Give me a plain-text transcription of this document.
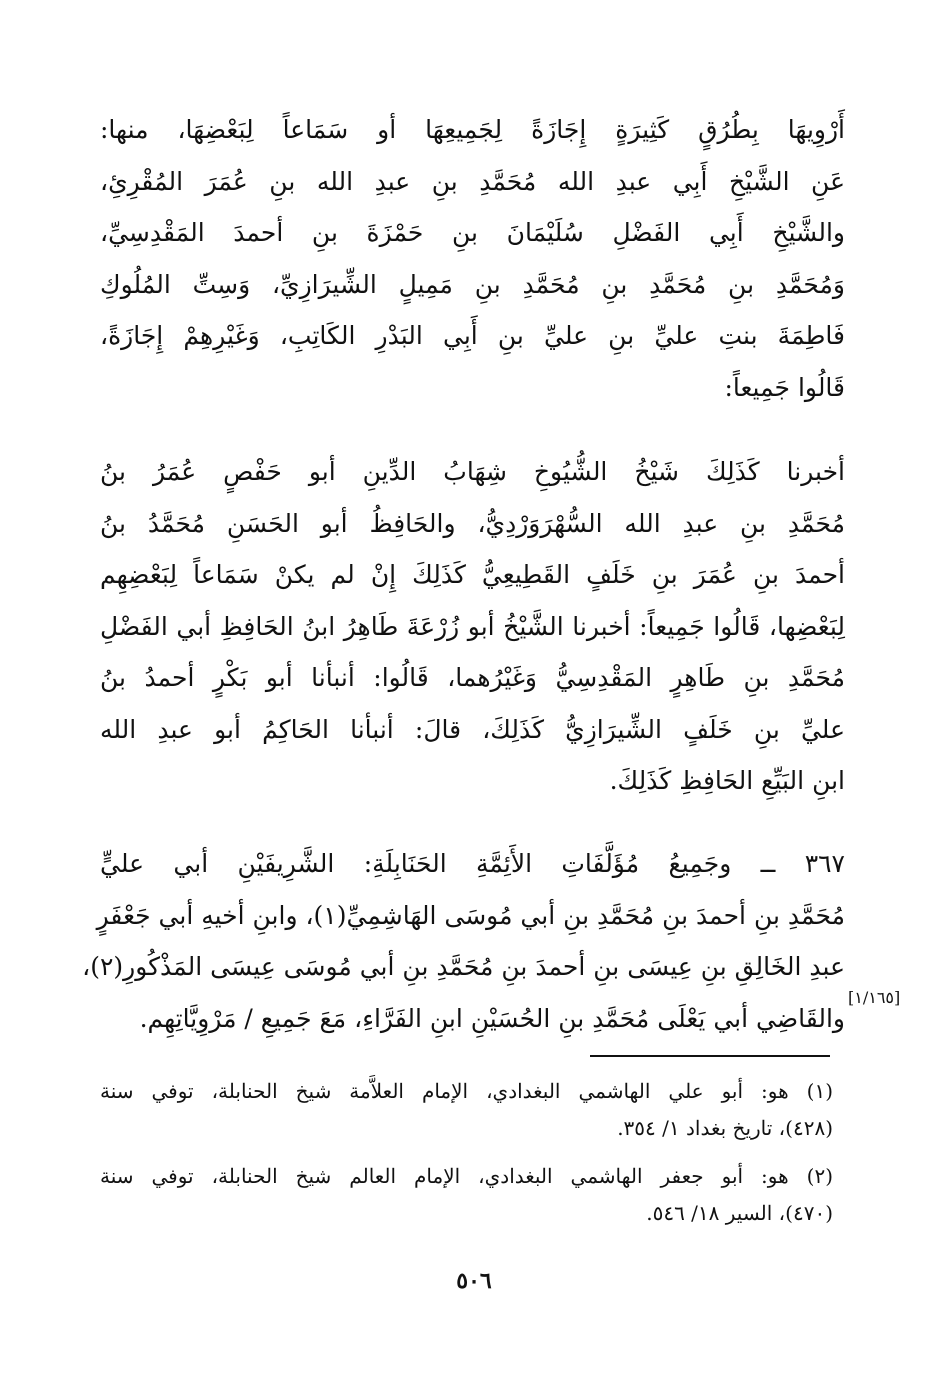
أَرْوِيهَا بِطُرُقٍ كَثِيرَةٍ إِجَازَةً لِجَمِيعِهَا أو سَمَاعاً لِبَعْضِهَا، منها:
عَنِ الشَّيْخِ أَبِي عبدِ الله مُحَمَّدِ بنِ عبدِ الله بنِ عُمَرَ المُقْرِئِ،
والشَّيْخِ أَبِي الفَضْلِ سُلَيْمَانَ بنِ حَمْزَةَ بنِ أحمدَ المَقْدِسِيِّ،
وَمُحَمَّدِ بنِ مُحَمَّدِ بنِ مُحَمَّدِ بنِ مَمِيلٍ الشِّيرَازِيِّ، وَسِتِّ المُلُوكِ
فَاطِمَةَ بنتِ عليِّ بنِ عليِّ بنِ أَبِي البَدْرِ الكَاتِبِ، وَغَيْرِهِمْ إِجَازَةً،
قَالُوا جَمِيعاً:
أخبرنا كَذَلِكَ شَيْخُ الشُّيُوخِ شِهَابُ الدِّينِ أبو حَفْصٍ عُمَرُ بنُ
مُحَمَّدِ بنِ عبدِ الله السُّهْرَوَرْدِيُّ، والحَافِظُ أبو الحَسَنِ مُحَمَّدُ بنُ
أحمدَ بنِ عُمَرَ بنِ خَلَفٍ القَطِيعِيُّ كَذَلِكَ إِنْ لم يكنْ سَمَاعاً لِبَعْضِهِم
لِبَعْضِها، قَالُوا جَمِيعاً: أخبرنا الشَّيْخُ أبو زُرْعَةَ طَاهِرُ ابنُ الحَافِظِ أبي الفَضْلِ
مُحَمَّدِ بنِ طَاهِرٍ المَقْدِسِيُّ وَغَيْرُهما، قَالُوا: أنبأنا أبو بَكْرٍ أحمدُ بنُ
عليِّ بنِ خَلَفٍ الشِّيرَازِيُّ كَذَلِكَ، قالَ: أنبأنا الحَاكِمُ أبو عبدِ الله
ابنِ البَيِّعِ الحَافِظِ كَذَلِكَ.
٣٦٧ ــ وجَمِيعُ مُؤَلَّفَاتِ الأَئِمَّةِ الحَنَابِلَةِ: الشَّرِيفَيْنِ أبي عليٍّ
مُحَمَّدِ بنِ أحمدَ بنِ مُحَمَّدِ بنِ أبي مُوسَى الهَاشِمِيِّ(١)، وابنِ أخيهِ أبي جَعْفَرٍ
عبدِ الخَالِقِ بنِ عِيسَى بنِ أحمدَ بنِ مُحَمَّدِ بنِ أبي مُوسَى عِيسَى المَذْكُورِ(٢)،
والقَاضِي أبي يَعْلَى مُحَمَّدِ بنِ الحُسَيْنِ ابنِ الفَرَّاءِ، مَعَ جَمِيعِ / مَرْوِيَّاتِهِم.
[١/١٦٥]
(١) هو: أبو علي الهاشمي البغدادي، الإمام العلاَّمة شيخ الحنابلة، توفي سنة
(٤٢٨)، تاريخ بغداد ١/ ٣٥٤.
(٢) هو: أبو جعفر الهاشمي البغدادي، الإمام العالم شيخ الحنابلة، توفي سنة
(٤٧٠)، السير ١٨/ ٥٤٦.
٥٠٦
